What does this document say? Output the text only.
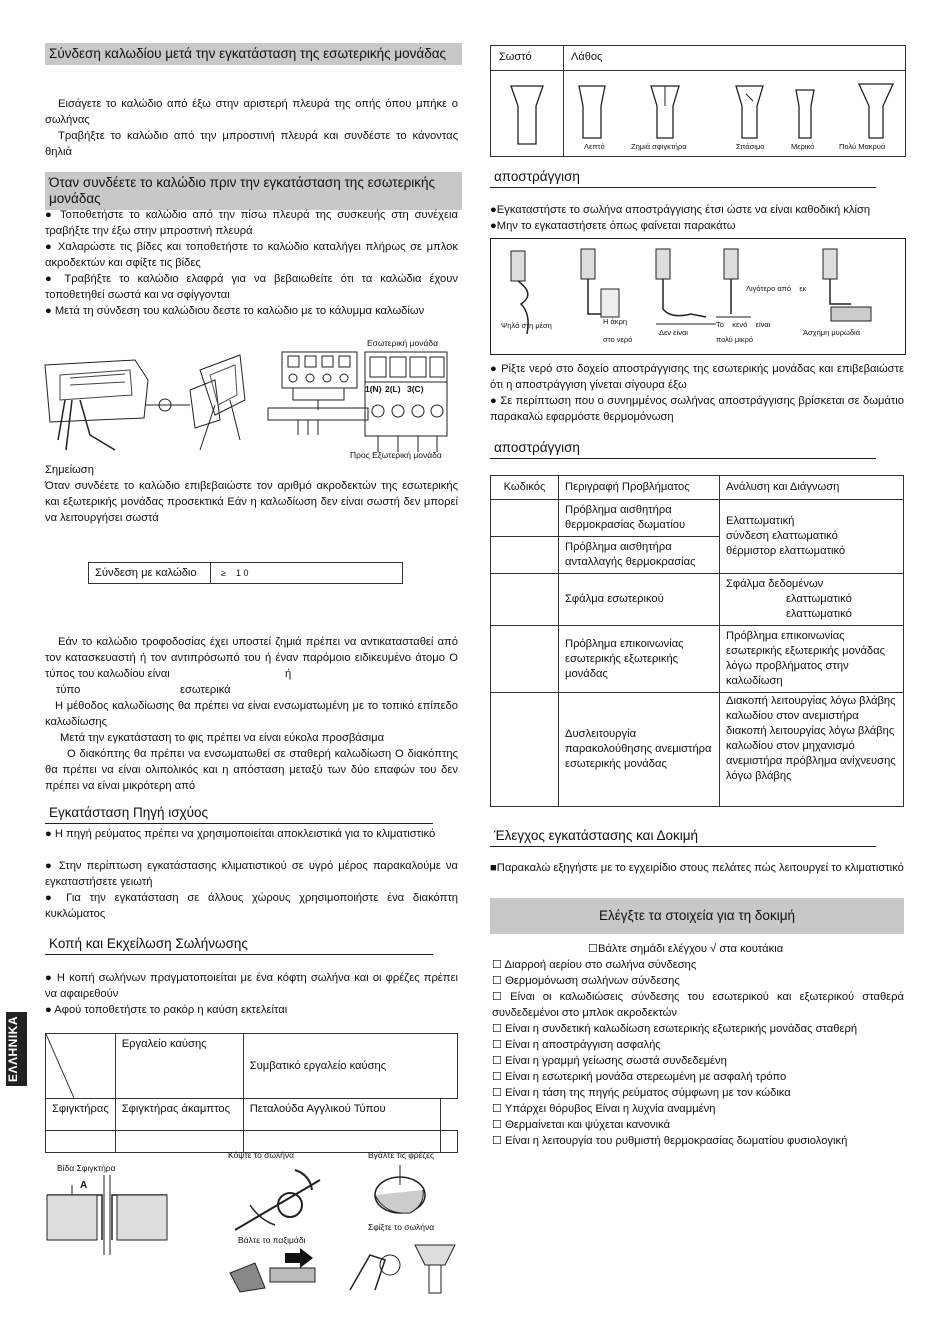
Σύνδεση καλωδίου μετά την εγκατάσταση της εσωτερικής μονάδας
Εισάγετε το καλώδιο από έξω στην αριστερή πλευρά της οπής όπου μπήκε ο σωλήνας
Τραβήξτε το καλώδιο από την μπροστινή πλευρά και συνδέστε το κάνοντας θηλιά
Όταν συνδέετε το καλώδιο πριν την εγκατάσταση της εσωτερικής μονάδας
● Τοποθετήστε το καλώδιο από την πίσω πλευρά της συσκευής στη συνέχεια τραβήξτε την έξω στην μπροστινή πλευρά
● Χαλαρώστε τις βίδες και τοποθετήστε το καλώδιο καταλήγει πλήρως σε μπλοκ ακροδεκτών και σφίξτε τις βίδες
● Τραβήξτε το καλώδιο ελαφρά για να βεβαιωθείτε ότι τα καλώδια έχουν τοποθετηθεί σωστά και να σφίγγονται
● Μετά τη σύνδεση του καλώδιου δεστε το καλώδιο με το κάλυμμα καλωδίων
Εσωτερική μονάδα
1(N) 2(L) 3(C)
Προς Εξωτερική μονάδα
Σημείωση
Όταν συνδέετε το καλώδιο επιβεβαιώστε τον αριθμό ακροδεκτών της εσωτερικής και εξωτερικής μονάδας προσεκτικά Εάν η καλωδίωση δεν είναι σωστή δεν μπορεί να λειτουργήσει σωστά
Σύνδεση με καλώδιο	≥    1 0
Εάν το καλώδιο τροφοδοσίας έχει υποστεί ζημιά πρέπει να αντικατασταθεί από τον κατασκευαστή ή τον αντιπρόσωπό του ή έναν παρόμοιο ειδικευμένο άτομο Ο τύπος του καλωδίου είναι	ή
τύπο	εσωτερικά
Η μέθοδος καλωδίωσης θα πρέπει να είναι ενσωματωμένη με το τοπικό επίπεδο καλωδίωσης
Μετά την εγκατάσταση το φις πρέπει να είναι εύκολα προσβάσιμα
Ο διακόπτης θα πρέπει να ενσωματωθεί σε σταθερή καλωδίωση Ο διακόπτης θα πρέπει να είναι ολιπολικός και η απόσταση μεταξύ των δύο επαφών του δεν πρέπει να είναι μικρότερη από
Εγκατάσταση Πηγή ισχύος
● Η πηγή ρεύματος πρέπει να χρησιμοποιείται αποκλειστικά για το κλιματιστικό
● Στην περίπτωση εγκατάστασης κλιματιστικού σε υγρό μέρος παρακαλούμε να εγκαταστήσετε γειωτή
● Για την εγκατάσταση σε άλλους χώρους χρησιμοποιήστε ένα διακόπτη κυκλώματος
Κοπή και Εκχείλωση Σωλήνωσης
● Η κοπή σωλήνων πραγματοποιείται με ένα κόφτη σωλήνα και οι φρέζες πρέπει να αφαιρεθούν
● Αφού τοποθετήστε το ρακόρ η καύση εκτελείται
	Εργαλείο καύσης	Συμβατικό εργαλείο καύσης	
Σφιγκτήρας	Σφιγκτήρας άκαμπτος	Πεταλούδα Αγγλικού Τύπου	

Βίδα Σφιγκτήρα
A
Κόψτε το σωλήνα	Βγάλτε τις φρέζες
Βάλτε το παξιμάδι
Σφίξτε το σωλήνα
ΕΛΛΗΝΙΚΑ
Σωστό	Λάθος
Λεπτό	Ζημιά σφιγκτήρα	Σπάσιμο	Μερικό	Πολύ Μακρυά
αποστράγγιση
●Εγκαταστήστε το σωλήνα αποστράγγισης έτσι ώστε να είναι καθοδική κλίση
●Μην το εγκαταστήσετε όπως φαίνεται παρακάτω
Ψηλά στη μέση	Η άκρη
στο νερό
Δεν είναι
Το    κενό    είναι
πολύ μικρό
Λιγότερο από    εκ
Άσχημη μυρωδιά
● Ρίξτε νερό στο δοχείο αποστράγγισης της εσωτερικής μονάδας και επιβεβαιώστε ότι η αποστράγγιση γίνεται σίγουρα έξω
● Σε περίπτωση που ο συνημμένος σωλήνας αποστράγγισης βρίσκεται σε δωμάτιο παρακαλώ εφαρμόστε θερμομόνωση
αποστράγγιση
Κωδικός	Περιγραφή Προβλήματος	Ανάλυση και Διάγνωση
	Πρόβλημα αισθητήρα θερμοκρασίας δωματίου	Ελαττωματική
σύνδεση ελαττωματικό
θέρμιστορ ελαττωματικό

	Πρόβλημα αισθητήρα ανταλλαγής θερμοκρασίας	
	Σφάλμα εσωτερικού	Σφάλμα δεδομένων
ελαττωματικό
ελαττωματικό

	Πρόβλημα επικοινωνίας εσωτερικής εξωτερικής μονάδας	Πρόβλημα επικοινωνίας εσωτερικής εξωτερικής μονάδας λόγω προβλήματος στην καλωδίωση
	Δυσλειτουργία παρακολούθησης ανεμιστήρα εσωτερικής μονάδας	Διακοπή λειτουργίας λόγω βλάβης καλωδίου στον ανεμιστήρα διακοπή λειτουργίας λόγω βλάβης καλωδίου στον μηχανισμό ανεμιστήρα πρόβλημα ανίχνευσης λόγω βλάβης
Έλεγχος εγκατάστασης και Δοκιμή
■Παρακαλώ εξηγήστε με το εγχειρίδιο στους πελάτες πώς λειτουργεί το κλιματιστικό
Ελέγξτε τα στοιχεία για τη δοκιμή
☐Βάλτε σημάδι ελέγχου √ στα κουτάκια
☐ Διαρροή αερίου στο σωλήνα σύνδεσης
☐ Θερμομόνωση σωλήνων σύνδεσης
☐ Είναι οι καλωδιώσεις σύνδεσης του εσωτερικού και εξωτερικού σταθερά συνδεδεμένοι στο μπλοκ ακροδεκτών
☐ Είναι η συνδετική καλωδίωση εσωτερικής εξωτερικής μονάδας σταθερή
☐ Είναι η αποστράγγιση ασφαλής
☐ Είναι η γραμμή γείωσης σωστά συνδεδεμένη
☐ Είναι η εσωτερική μονάδα στερεωμένη με ασφαλή τρόπο
☐ Είναι η τάση της πηγής ρεύματος σύμφωνη με τον κώδικα
☐ Υπάρχει θόρυβος Είναι η λυχνία αναμμένη
☐ Θερμαίνεται και ψύχεται κανονικά
☐ Είναι η λειτουργία του ρυθμιστή θερμοκρασίας δωματίου φυσιολογική
